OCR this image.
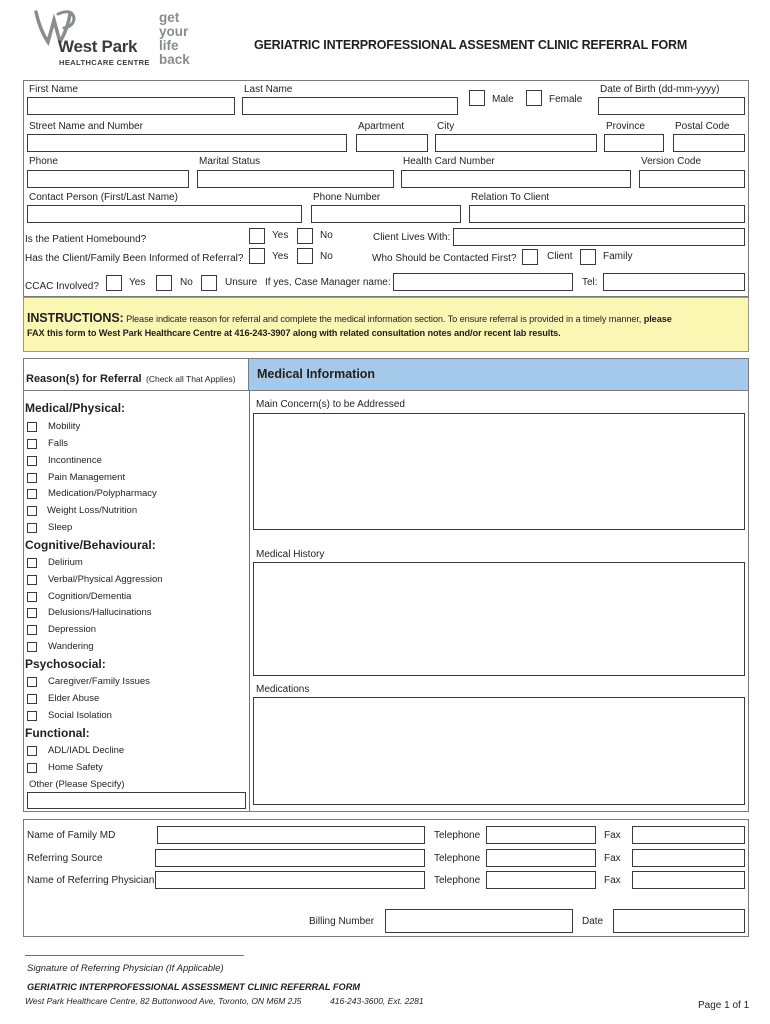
West Park
HEALTHCARE CENTRE
get
your
life
back
GERIATRIC INTERPROFESSIONAL ASSESMENT CLINIC REFERRAL FORM
First Name	Last Name
Male	Female
Date of Birth (dd-mm-yyyy)
Street Name and Number	Apartment	City	Province	Postal Code
Phone	Marital Status	Health Card Number	Version Code
Contact Person (First/Last Name)	Phone Number	Relation To Client
Is the Patient Homebound?	Yes	No	Client Lives With:
Has the Client/Family Been Informed of Referral?	Yes	No	Who Should be Contacted First?	Client	Family
CCAC Involved?	Yes	No	Unsure If yes, Case Manager name:	Tel:
INSTRUCTIONS: Please indicate reason for referral and complete the medical information section. To ensure referral is provided in a timely manner, please
FAX this form to West Park Healthcare Centre at 416-243-3907 along with related consultation notes and/or recent lab results.
Reason(s) for Referral (Check all That Applies) Medical Information
Medical/Physical:
Mobility
Falls
Incontinence
Pain Management
Medication/Polypharmacy
Weight Loss/Nutrition
Sleep
Cognitive/Behavioural:
Delirium
Verbal/Physical Aggression
Cognition/Dementia
Delusions/Hallucinations
Depression
Wandering
Psychosocial:
Caregiver/Family Issues
Elder Abuse
Social Isolation
Functional:
ADL/IADL Decline
Home Safety
Other (Please Specify)
Main Concern(s) to be Addressed
Medical History
Medications
Name of Family MD	Telephone	Fax
Referring Source	Telephone	Fax
Name of Referring Physician	Telephone	Fax
Billing Number	Date
Signature of Referring Physician (If Applicable)
GERIATRIC INTERPROFESSIONAL ASSESSMENT CLINIC REFERRAL FORM
West Park Healthcare Centre, 82 Buttonwood Ave, Toronto, ON M6M 2J5	416-243-3600, Ext. 2281	Page 1 of 1
